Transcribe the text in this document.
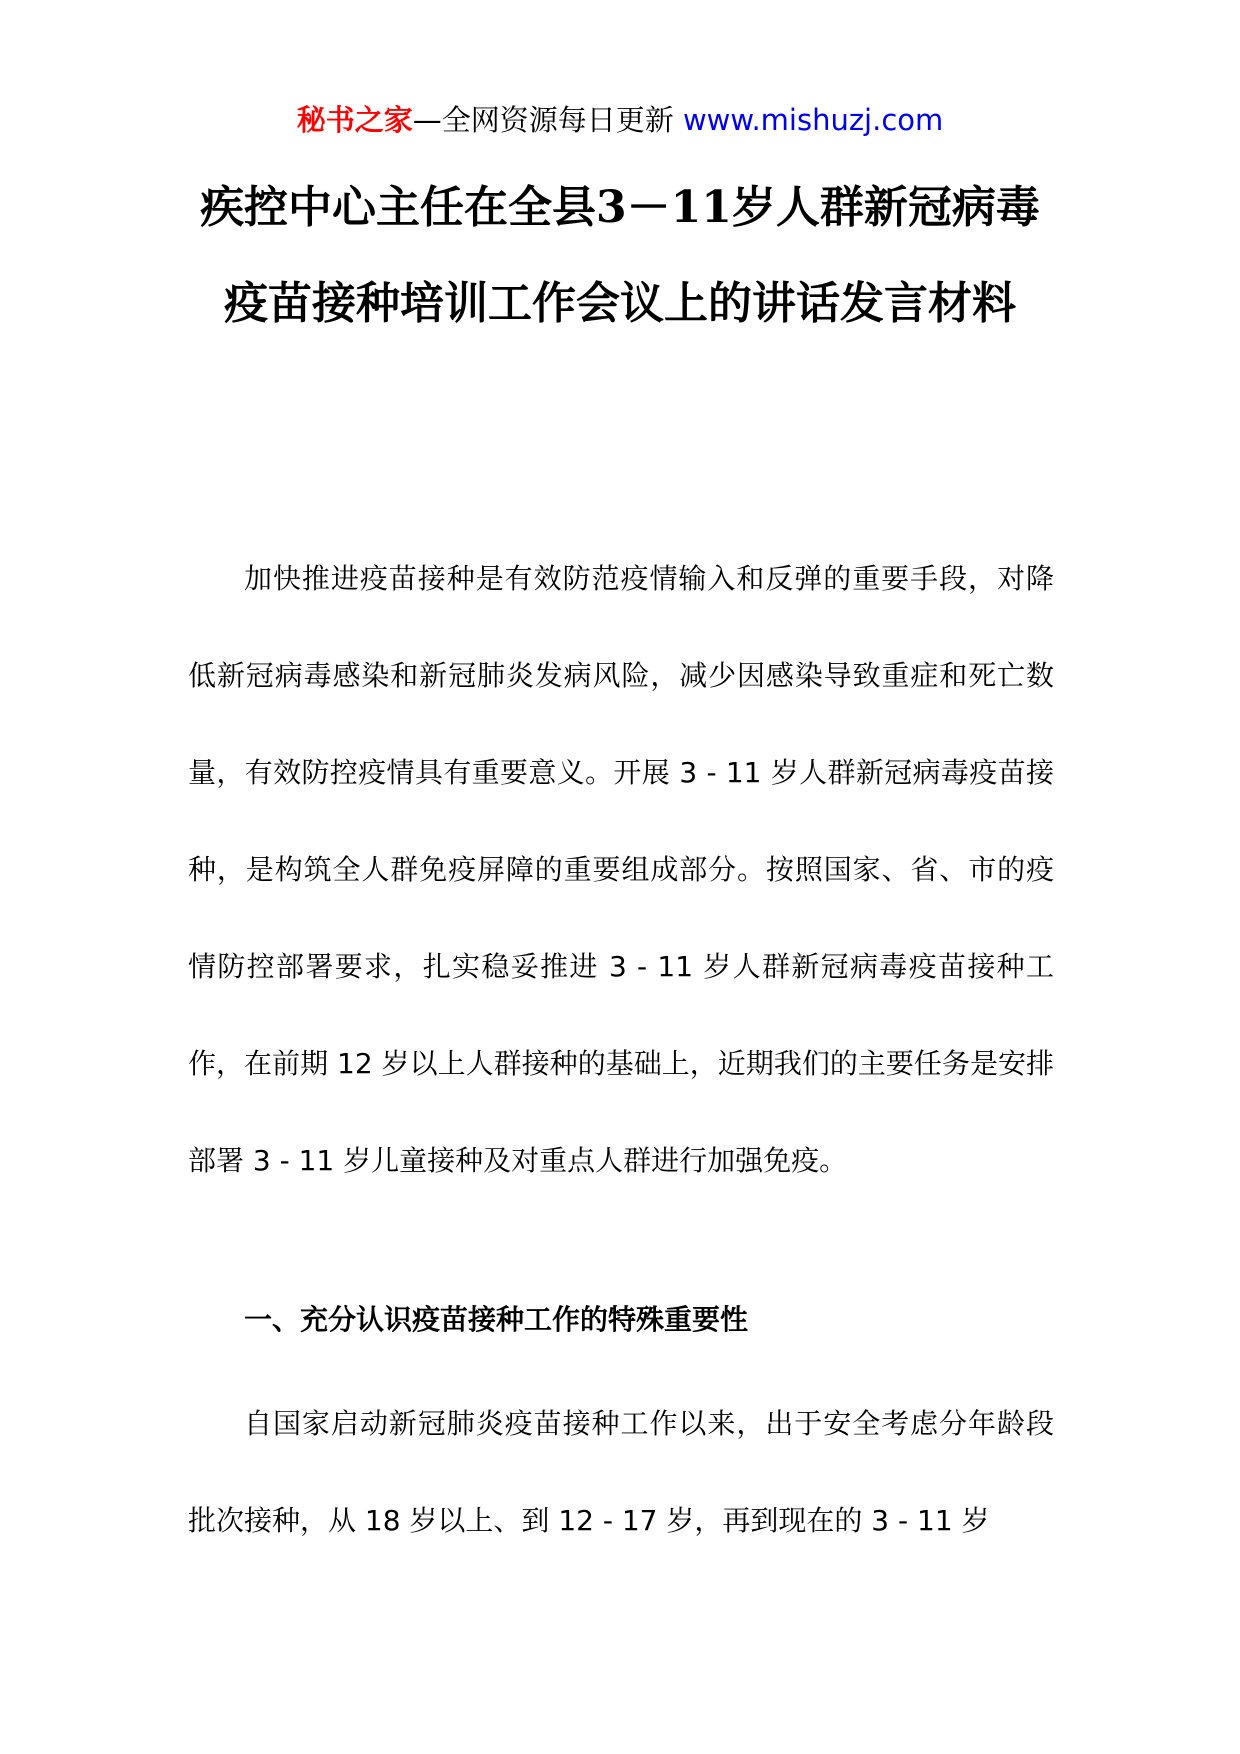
秘书之家—全网资源每日更新 www.mishuzj.com
疾控中心主任在全县3－11岁人群新冠病毒疫苗接种培训工作会议上的讲话发言材料

加快推进疫苗接种是有效防范疫情输入和反弹的重要手段，对降低新冠病毒感染和新冠肺炎发病风险，减少因感染导致重症和死亡数量，有效防控疫情具有重要意义。开展 3 - 11 岁人群新冠病毒疫苗接种，是构筑全人群免疫屏障的重要组成部分。按照国家、省、市的疫情防控部署要求，扎实稳妥推进 3 - 11 岁人群新冠病毒疫苗接种工作，在前期 12 岁以上人群接种的基础上，近期我们的主要任务是安排部署 3 - 11 岁儿童接种及对重点人群进行加强免疫。

一、充分认识疫苗接种工作的特殊重要性

自国家启动新冠肺炎疫苗接种工作以来，出于安全考虑分年龄段批次接种，从 18 岁以上、到 12 - 17 岁，再到现在的 3 - 11 岁
